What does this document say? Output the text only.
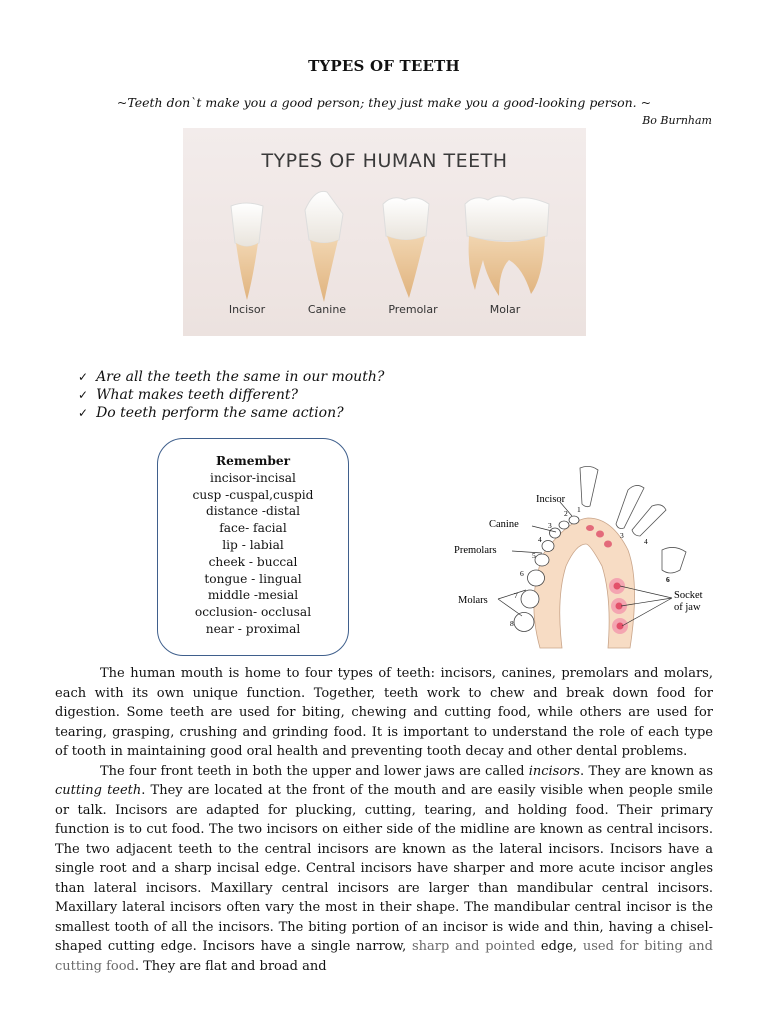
TYPES OF TEETH
~Teeth don`t make you a good person; they just make you a good-looking person. ~
Bo Burnham
TYPES OF HUMAN TEETH
Incisor	Canine	Premolar	Molar
✓ Are all the teeth the same in our mouth?
✓ What makes teeth different?
✓ Do teeth perform the same action?
Remember
incisor-incisal
cusp -cuspal,cuspid
distance -distal
face- facial
lip - labial
cheek - buccal
tongue - lingual
middle -mesial
occlusion- occlusal
near - proximal
Incisor
Canine
Premolars
Molars	Socket
of jaw
1
2
3
4
5
6
7
8
3
4
6

The human mouth is home to four types of teeth: incisors, canines, premolars and molars, each with its own unique function. Together, teeth work to chew and break down food for digestion. Some teeth are used for biting, chewing and cutting food, while others are used for tearing, grasping, crushing and grinding food. It is important to understand the role of each type of tooth in maintaining good oral health and preventing tooth decay and other dental problems.

The four front teeth in both the upper and lower jaws are called incisors. They are known as cutting teeth. They are located at the front of the mouth and are easily visible when people smile or talk. Incisors are adapted for plucking, cutting, tearing, and holding food. Their primary function is to cut food. The two incisors on either side of the midline are known as central incisors. The two adjacent teeth to the central incisors are known as the lateral incisors. Incisors have a single root and a sharp incisal edge. Central incisors have sharper and more acute incisor angles than lateral incisors. Maxillary central incisors are larger than mandibular central incisors. Maxillary lateral incisors often vary the most in their shape. The mandibular central incisor is the smallest tooth of all the incisors. The biting portion of an incisor is wide and thin, having a chisel-shaped cutting edge. Incisors have a single narrow, sharp and pointed edge, used for biting and cutting food. They are flat and broad and
